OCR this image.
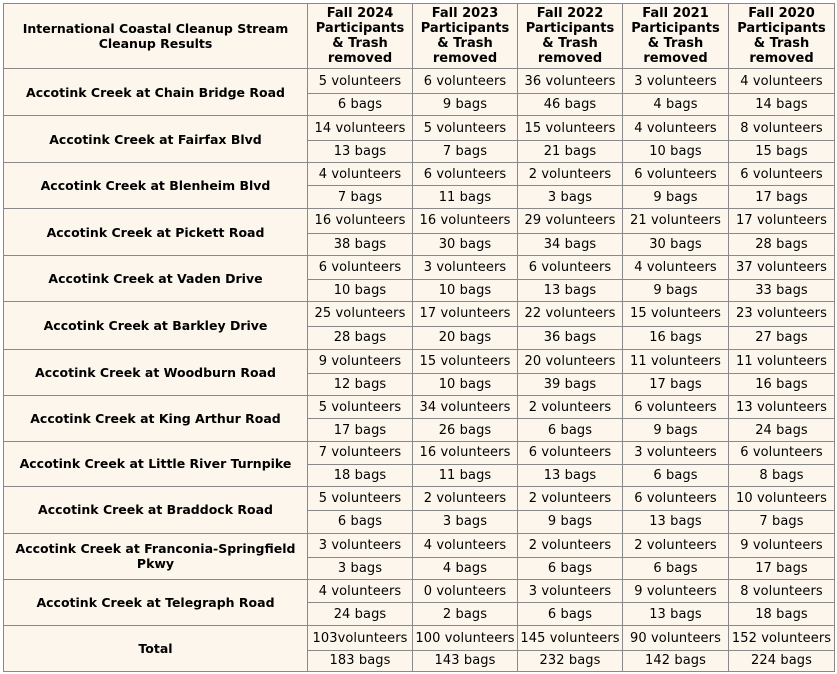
International Coastal Cleanup Stream Cleanup Results	Fall 2024 Participants & Trash removed	Fall 2023 Participants & Trash removed	Fall 2022 Participants & Trash removed	Fall 2021 Participants & Trash removed	Fall 2020 Participants & Trash removed
Accotink Creek at Chain Bridge Road	5 volunteers	6 volunteers	36 volunteers	3 volunteers	4 volunteers
	6 bags	9 bags	46 bags	4 bags	14 bags
Accotink Creek at Fairfax Blvd	14 volunteers	5 volunteers	15 volunteers	4 volunteers	8 volunteers
	13 bags	7 bags	21 bags	10 bags	15 bags
Accotink Creek at Blenheim Blvd	4 volunteers	6 volunteers	2 volunteers	6 volunteers	6 volunteers
	7 bags	11 bags	3 bags	9 bags	17 bags
Accotink Creek at Pickett Road	16 volunteers	16 volunteers	29 volunteers	21 volunteers	17 volunteers
	38 bags	30 bags	34 bags	30 bags	28 bags
Accotink Creek at Vaden Drive	6 volunteers	3 volunteers	6 volunteers	4 volunteers	37 volunteers
	10 bags	10 bags	13 bags	9 bags	33 bags
Accotink Creek at Barkley Drive	25 volunteers	17 volunteers	22 volunteers	15 volunteers	23 volunteers
	28 bags	20 bags	36 bags	16 bags	27 bags
Accotink Creek at Woodburn Road	9 volunteers	15 volunteers	20 volunteers	11 volunteers	11 volunteers
	12 bags	10 bags	39 bags	17 bags	16 bags
Accotink Creek at King Arthur Road	5 volunteers	34 volunteers	2 volunteers	6 volunteers	13 volunteers
	17 bags	26 bags	6 bags	9 bags	24 bags
Accotink Creek at Little River Turnpike	7 volunteers	16 volunteers	6 volunteers	3 volunteers	6 volunteers
	18 bags	11 bags	13 bags	6 bags	8 bags
Accotink Creek at Braddock Road	5 volunteers	2 volunteers	2 volunteers	6 volunteers	10 volunteers
	6 bags	3 bags	9 bags	13 bags	7 bags
Accotink Creek at Franconia-Springfield Pkwy	3 volunteers	4 volunteers	2 volunteers	2 volunteers	9 volunteers
	3 bags	4 bags	6 bags	6 bags	17 bags
Accotink Creek at Telegraph Road	4 volunteers	0 volunteers	3 volunteers	9 volunteers	8 volunteers
	24 bags	2 bags	6 bags	13 bags	18 bags
Total	103volunteers	100 volunteers	145 volunteers	90 volunteers	152 volunteers
	183 bags	143 bags	232 bags	142 bags	224 bags
